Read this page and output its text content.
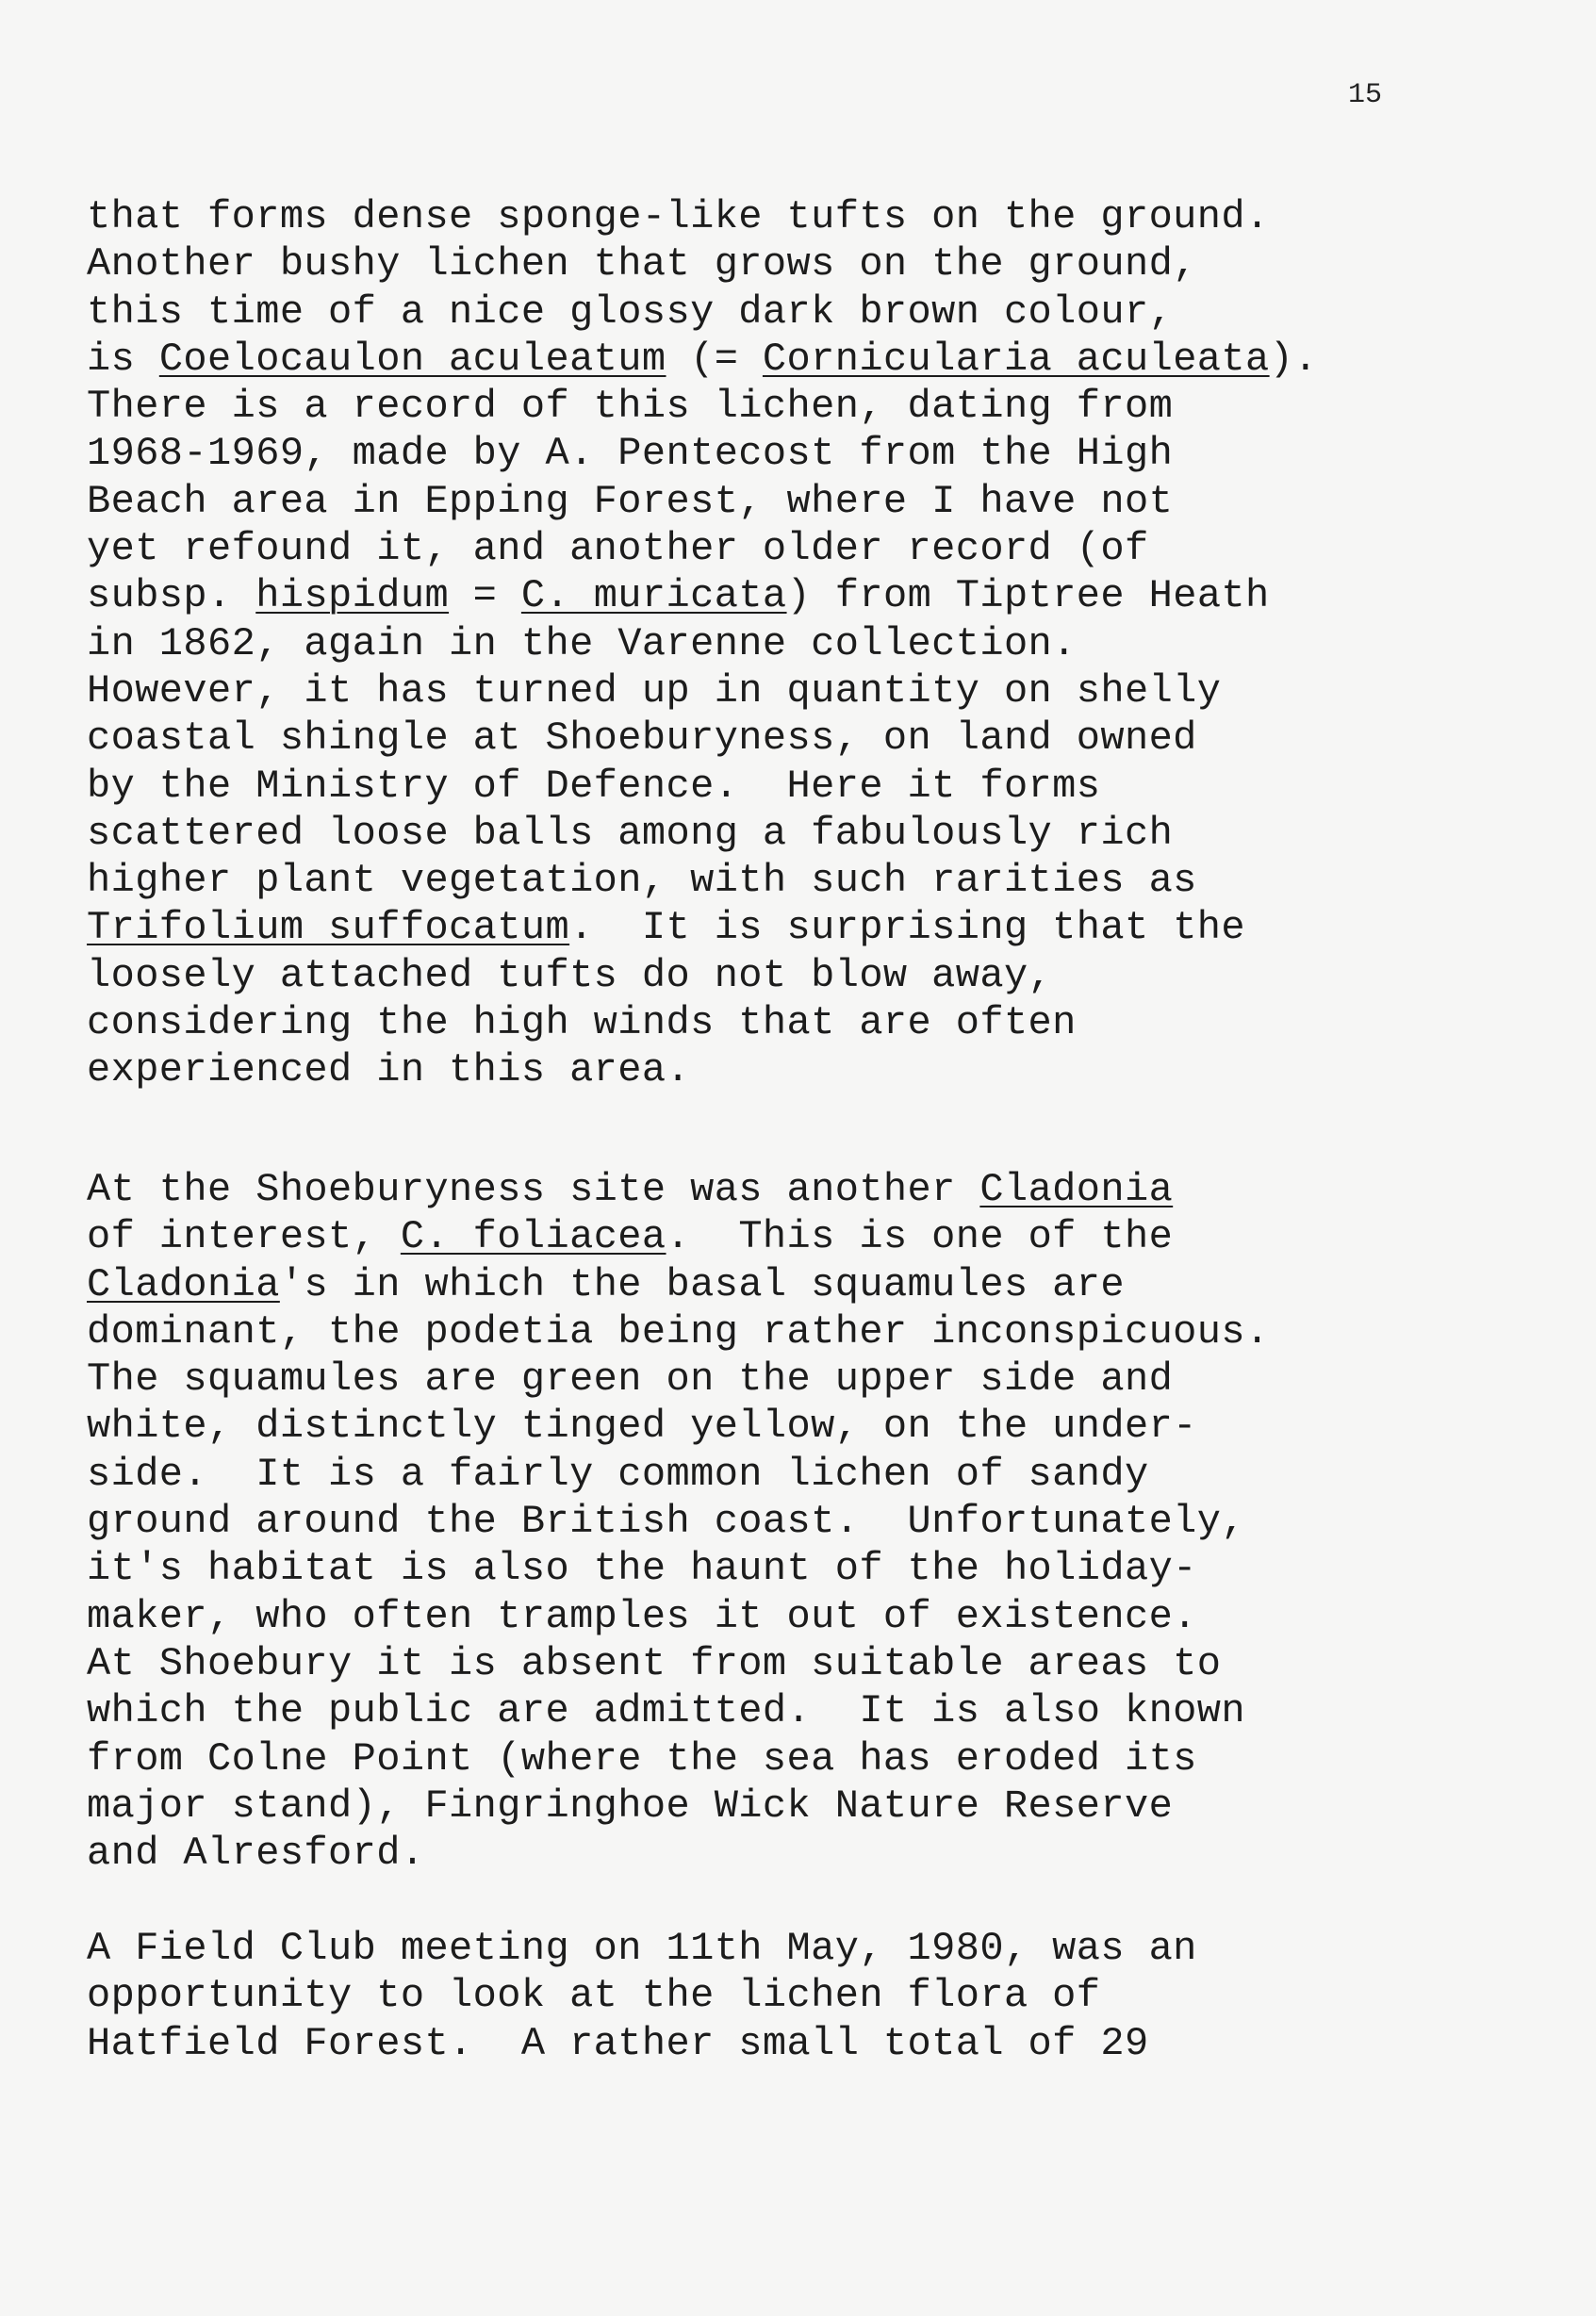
15
that forms dense sponge-like tufts on the ground.
Another bushy lichen that grows on the ground,
this time of a nice glossy dark brown colour,
is Coelocaulon aculeatum (= Cornicularia aculeata).
There is a record of this lichen, dating from
1968-1969, made by A. Pentecost from the High
Beach area in Epping Forest, where I have not
yet refound it, and another older record (of
subsp. hispidum = C. muricata) from Tiptree Heath
in 1862, again in the Varenne collection.
However, it has turned up in quantity on shelly
coastal shingle at Shoeburyness, on land owned
by the Ministry of Defence.  Here it forms
scattered loose balls among a fabulously rich
higher plant vegetation, with such rarities as
Trifolium suffocatum.  It is surprising that the
loosely attached tufts do not blow away,
considering the high winds that are often
experienced in this area.
At the Shoeburyness site was another Cladonia
of interest, C. foliacea.  This is one of the
Cladonia's in which the basal squamules are
dominant, the podetia being rather inconspicuous.
The squamules are green on the upper side and
white, distinctly tinged yellow, on the under-
side.  It is a fairly common lichen of sandy
ground around the British coast.  Unfortunately,
it's habitat is also the haunt of the holiday-
maker, who often tramples it out of existence.
At Shoebury it is absent from suitable areas to
which the public are admitted.  It is also known
from Colne Point (where the sea has eroded its
major stand), Fingringhoe Wick Nature Reserve
and Alresford.
A Field Club meeting on 11th May, 1980, was an
opportunity to look at the lichen flora of
Hatfield Forest.  A rather small total of 29
